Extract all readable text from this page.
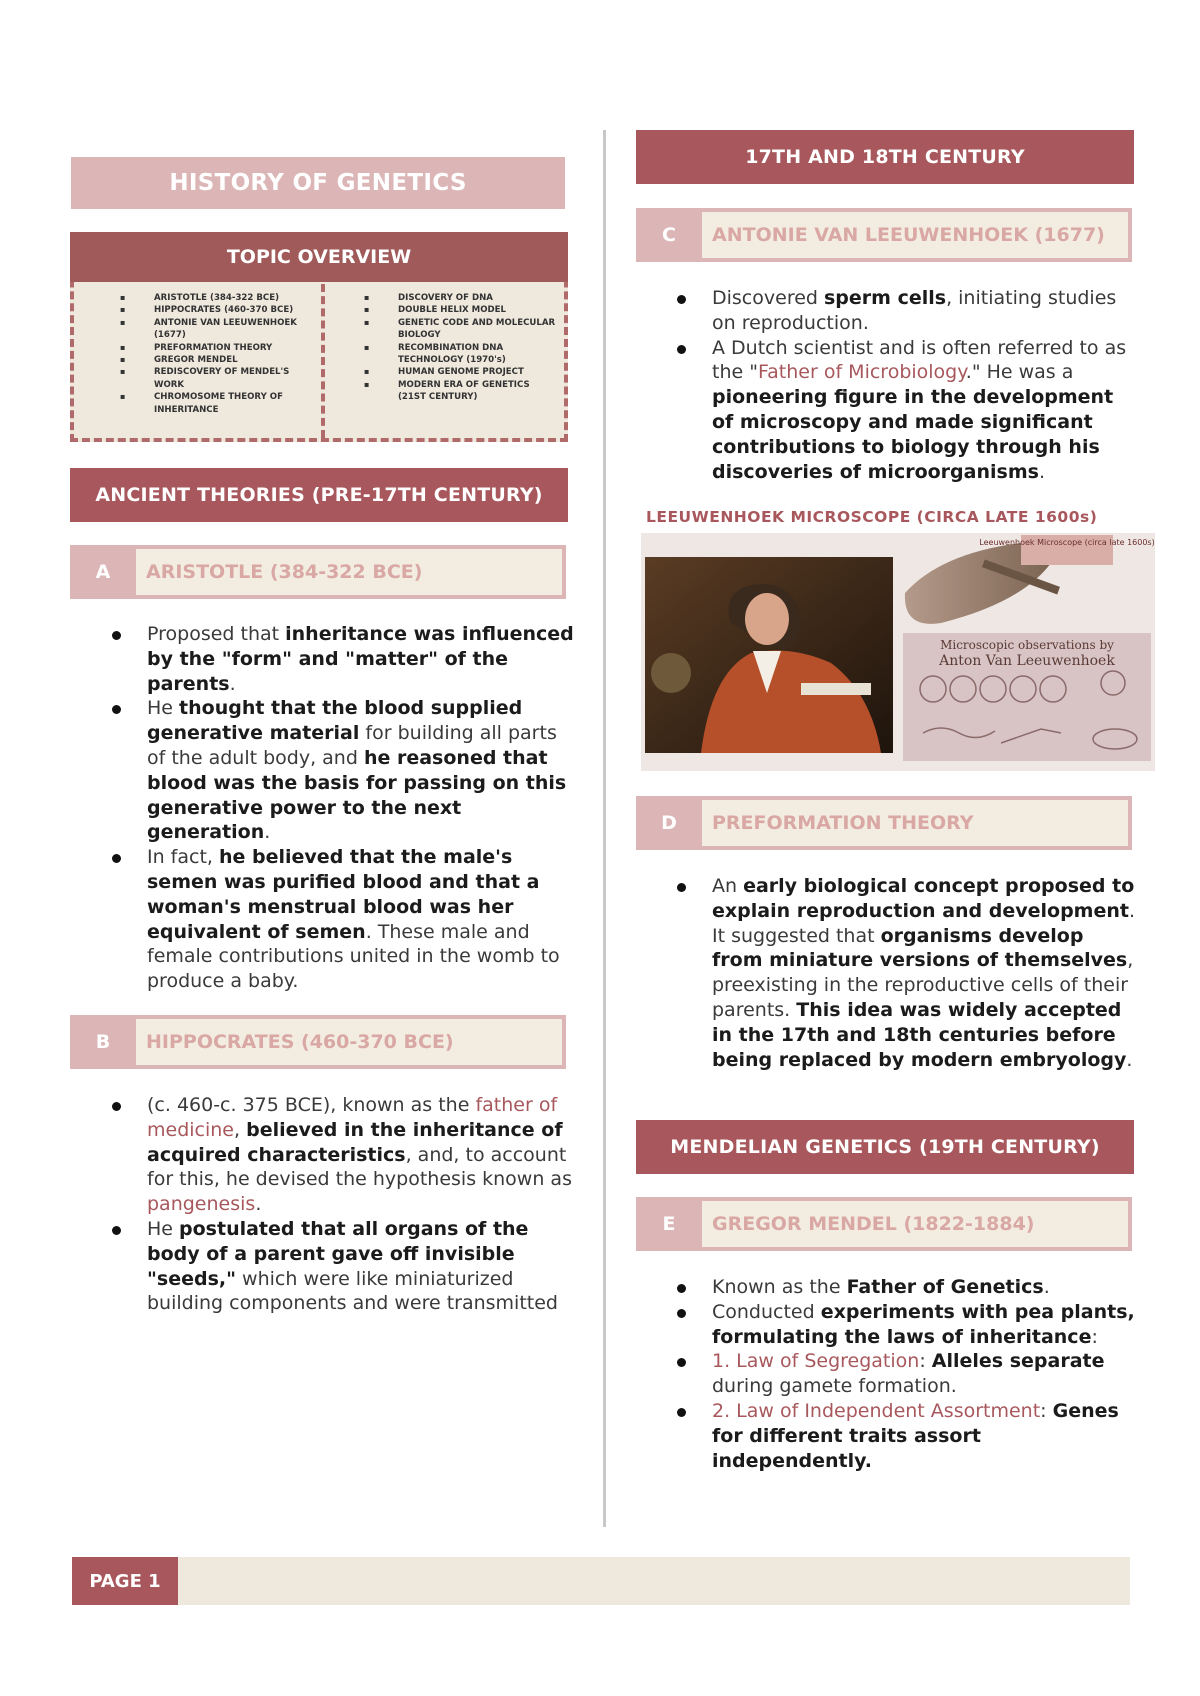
HISTORY OF GENETICS
TOPIC OVERVIEW
▪ ARISTOTLE (384-322 BCE)
▪ HIPPOCRATES (460-370 BCE)
▪ ANTONIE VAN LEEUWENHOEK (1677)
▪ PREFORMATION THEORY
▪ GREGOR MENDEL
▪ REDISCOVERY OF MENDEL'S WORK
▪ CHROMOSOME THEORY OF INHERITANCE
▪ DISCOVERY OF DNA
▪ DOUBLE HELIX MODEL
▪ GENETIC CODE AND MOLECULAR BIOLOGY
▪ RECOMBINATION DNA TECHNOLOGY (1970's)
▪ HUMAN GENOME PROJECT
▪ MODERN ERA OF GENETICS (21ST CENTURY)
ANCIENT THEORIES (PRE-17TH CENTURY)
A	ARISTOTLE (384-322 BCE)
Proposed that inheritance was influenced by the "form" and "matter" of the parents.
He thought that the blood supplied generative material for building all parts of the adult body, and he reasoned that blood was the basis for passing on this generative power to the next generation.
In fact, he believed that the male's semen was purified blood and that a woman's menstrual blood was her equivalent of semen. These male and female contributions united in the womb to produce a baby.
B	HIPPOCRATES (460-370 BCE)
(c. 460-c. 375 BCE), known as the father of medicine, believed in the inheritance of acquired characteristics, and, to account for this, he devised the hypothesis known as pangenesis.
He postulated that all organs of the body of a parent gave off invisible "seeds," which were like miniaturized building components and were transmitted
17TH AND 18TH CENTURY
C	ANTONIE VAN LEEUWENHOEK (1677)
Discovered sperm cells, initiating studies on reproduction.
A Dutch scientist and is often referred to as the "Father of Microbiology." He was a pioneering figure in the development of microscopy and made significant contributions to biology through his discoveries of microorganisms.
LEEUWENHOEK MICROSCOPE (CIRCA LATE 1600s)
Leeuwenhoek Microscope (circa late 1600s)
Microscopic observations by
Anton Van Leeuwenhoek
D	PREFORMATION THEORY
An early biological concept proposed to explain reproduction and development. It suggested that organisms develop from miniature versions of themselves, preexisting in the reproductive cells of their parents. This idea was widely accepted in the 17th and 18th centuries before being replaced by modern embryology.
MENDELIAN GENETICS (19TH CENTURY)
E	GREGOR MENDEL (1822-1884)
Known as the Father of Genetics.
Conducted experiments with pea plants, formulating the laws of inheritance:
1. Law of Segregation: Alleles separate during gamete formation.
2. Law of Independent Assortment: Genes for different traits assort independently.
PAGE 1
